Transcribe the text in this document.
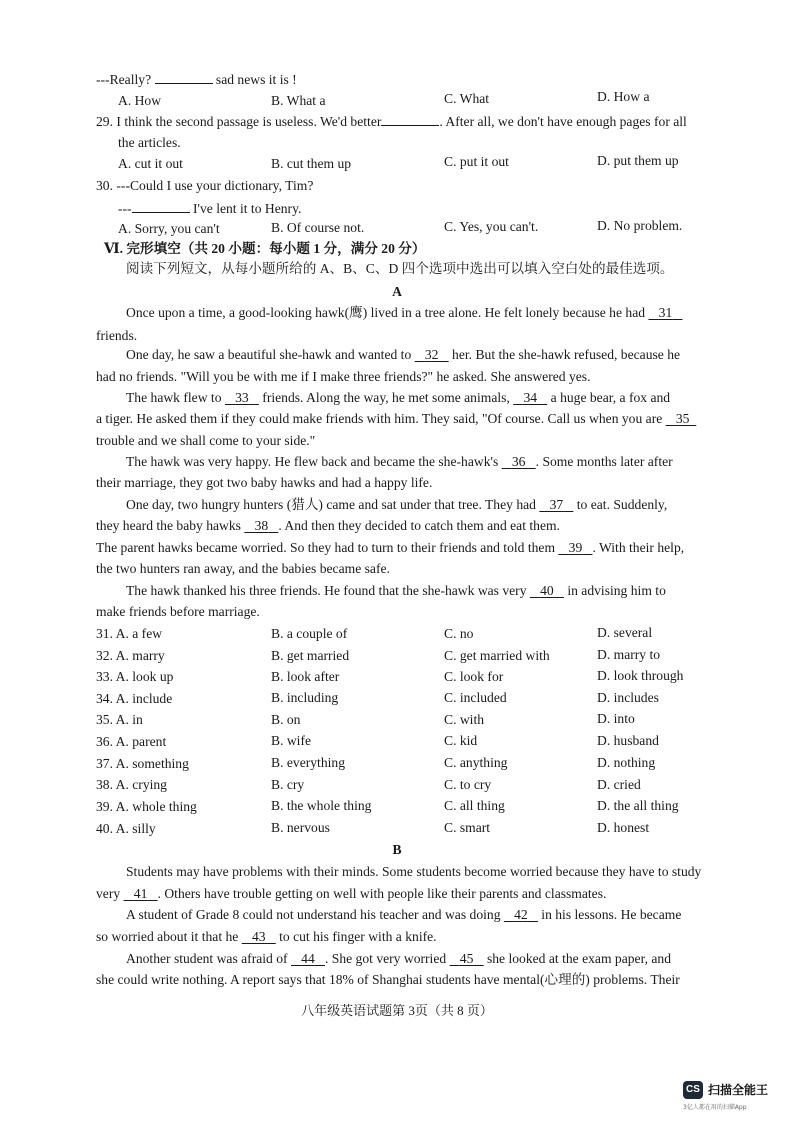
---Really?	sad news it is !
A. How	B. What a	C. What	D. How a
29. I think the second passage is useless. We'd better	. After all, we don't have enough pages for all
the articles.
A. cut it out	B. cut them up	C. put it out	D. put them up
30. ---Could I use your dictionary, Tim?
---	I've lent it to Henry.
A. Sorry, you can't	B. Of course not.	C. Yes, you can't.	D. No problem.
Ⅵ. 完形填空（共 20 小题：每小题 1 分，满分 20 分）
阅读下列短文，从每小题所给的 A、B、C、D 四个选项中选出可以填入空白处的最佳选项。
A
Once upon a time, a good-looking hawk(鹰) lived in a tree alone. He felt lonely because he had    31
friends.
One day, he saw a beautiful she-hawk and wanted to    32    her. But the she-hawk refused, because he
had no friends. "Will you be with me if I make three friends?" he asked. She answered yes.
The hawk flew to    33    friends. Along the way, he met some animals,    34    a huge bear, a fox and
a tiger. He asked them if they could make friends with him. They said, "Of course. Call us when you are    35
trouble and we shall come to your side."
The hawk was very happy. He flew back and became the she-hawk's    36 . Some months later after
their marriage, they got two baby hawks and had a happy life.
One day, two hungry hunters (猎人) came and sat under that tree. They had    37    to eat. Suddenly,
they heard the baby hawks    38 . And then they decided to catch them and eat them.
The parent hawks became worried. So they had to turn to their friends and told them    39 . With their help,
the two hunters ran away, and the babies became safe.
The hawk thanked his three friends. He found that the she-hawk was very    40    in advising him to
make friends before marriage.
31. A. a few	B. a couple of	C. no	D. several
32. A. marry	B. get married	C. get married with	D. marry to
33. A. look up	B. look after	C. look for	D. look through
34. A. include	B. including	C. included	D. includes
35. A. in	B. on	C. with	D. into
36. A. parent	B. wife	C. kid	D. husband
37. A. something	B. everything	C. anything	D. nothing
38. A. crying	B. cry	C. to cry	D. cried
39. A. whole thing	B. the whole thing	C. all thing	D. the all thing
40. A. silly	B. nervous	C. smart	D. honest
B
Students may have problems with their minds. Some students become worried because they have to study
very    41 . Others have trouble getting on well with people like their parents and classmates.
A student of Grade 8 could not understand his teacher and was doing    42    in his lessons. He became
so worried about it that he    43    to cut his finger with a knife.
Another student was afraid of    44 . She got very worried    45    she looked at the exam paper, and
she could write nothing. A report says that 18% of Shanghai students have mental(心理的) problems. Their
八年级英语试题第 3页（共 8 页）
CS 扫描全能王
3亿人都在用的扫描App
